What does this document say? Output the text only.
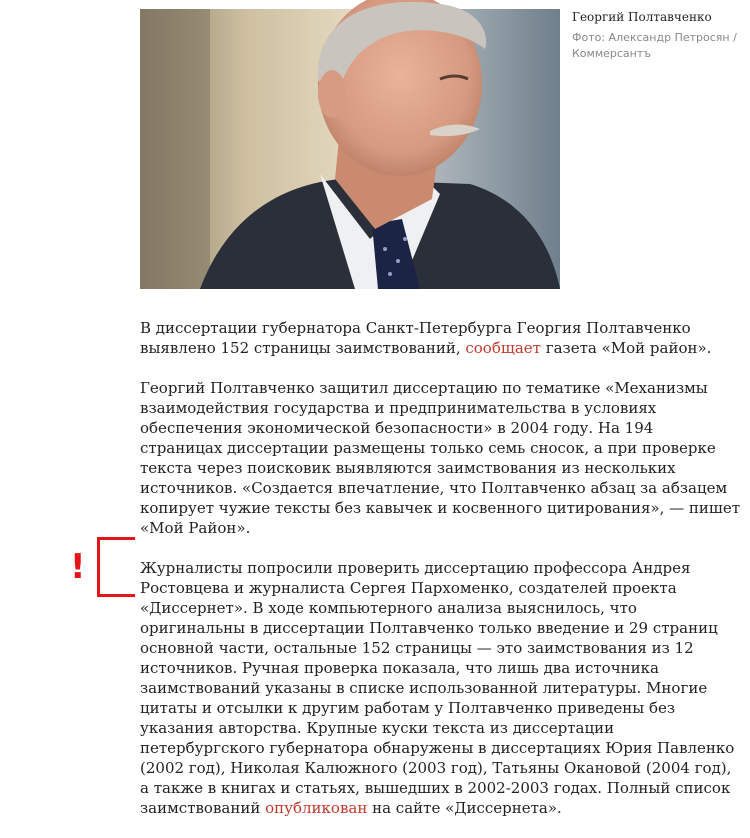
Георгий Полтавченко

Фото: Александр Петросян / Коммерсантъ

!

В диссертации губернатора Санкт-Петербурга Георгия Полтавченко выявлено 152 страницы заимствований, сообщает газета «Мой район».

Георгий Полтавченко защитил диссертацию по тематике «Механизмы взаимодействия государства и предпринимательства в условиях обеспечения экономической безопасности» в 2004 году. На 194 страницах диссертации размещены только семь сносок, а при проверке текста через поисковик выявляются заимствования из нескольких источников. «Создается впечатление, что Полтавченко абзац за абзацем копирует чужие тексты без кавычек и косвенного цитирования», — пишет «Мой Район».

Журналисты попросили проверить диссертацию профессора Андрея Ростовцева и журналиста Сергея Пархоменко, создателей проекта «Диссернет». В ходе компьютерного анализа выяснилось, что оригинальны в диссертации Полтавченко только введение и 29 страниц основной части, остальные 152 страницы — это заимствования из 12 источников. Ручная проверка показала, что лишь два источника заимствований указаны в списке использованной литературы. Многие цитаты и отсылки к другим работам у Полтавченко приведены без указания авторства. Крупные куски текста из диссертации петербургского губернатора обнаружены в диссертациях Юрия Павленко (2002 год), Николая Калюжного (2003 год), Татьяны Окановой (2004 год), а также в книгах и статьях, вышедших в 2002-2003 годах. Полный список заимствований опубликован на сайте «Диссернета».
